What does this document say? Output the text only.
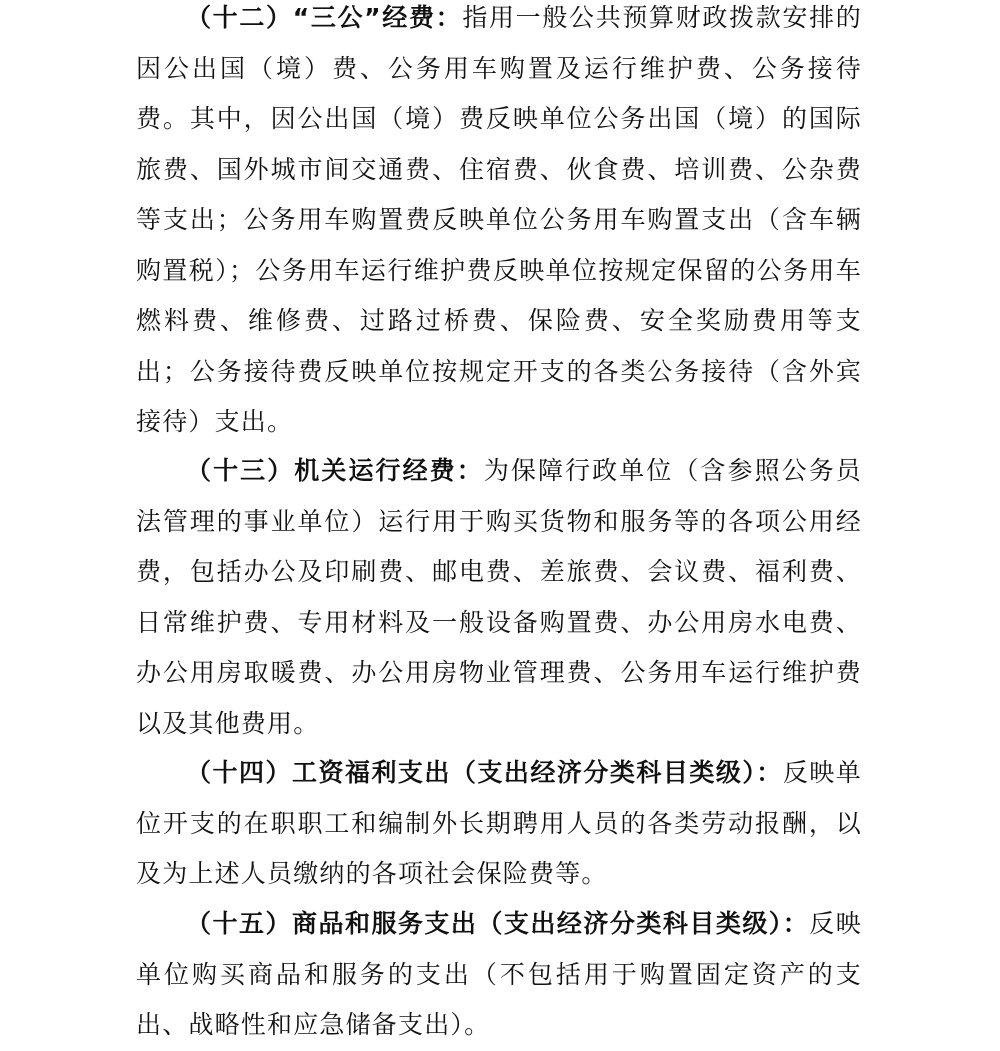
（十二）“三公”经费：指用一般公共预算财政拨款安排的因公出国（境）费、公务用车购置及运行维护费、公务接待费。其中，因公出国（境）费反映单位公务出国（境）的国际旅费、国外城市间交通费、住宿费、伙食费、培训费、公杂费等支出；公务用车购置费反映单位公务用车购置支出（含车辆购置税）；公务用车运行维护费反映单位按规定保留的公务用车燃料费、维修费、过路过桥费、保险费、安全奖励费用等支出；公务接待费反映单位按规定开支的各类公务接待（含外宾接待）支出。

（十三）机关运行经费：为保障行政单位（含参照公务员法管理的事业单位）运行用于购买货物和服务等的各项公用经费，包括办公及印刷费、邮电费、差旅费、会议费、福利费、日常维护费、专用材料及一般设备购置费、办公用房水电费、办公用房取暖费、办公用房物业管理费、公务用车运行维护费以及其他费用。

（十四）工资福利支出（支出经济分类科目类级）：反映单位开支的在职职工和编制外长期聘用人员的各类劳动报酬，以及为上述人员缴纳的各项社会保险费等。

（十五）商品和服务支出（支出经济分类科目类级）：反映单位购买商品和服务的支出（不包括用于购置固定资产的支出、战略性和应急储备支出）。
